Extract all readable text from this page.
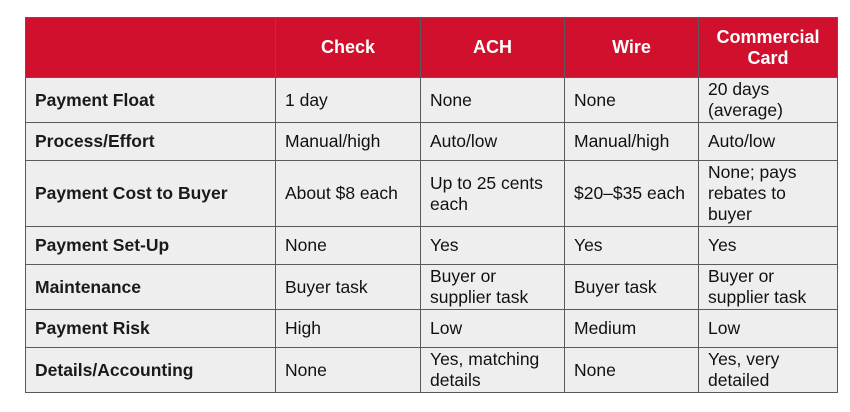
	Check	ACH	Wire	Commercial Card
Payment Float	1 day	None	None	20 days (average)
Process/Effort	Manual/high	Auto/low	Manual/high	Auto/low
Payment Cost to Buyer	About $8 each	Up to 25 cents each	$20–$35 each	None; pays rebates to buyer
Payment Set-Up	None	Yes	Yes	Yes
Maintenance	Buyer task	Buyer or supplier task	Buyer task	Buyer or supplier task
Payment Risk	High	Low	Medium	Low
Details/Accounting	None	Yes, matching details	None	Yes, very detailed
